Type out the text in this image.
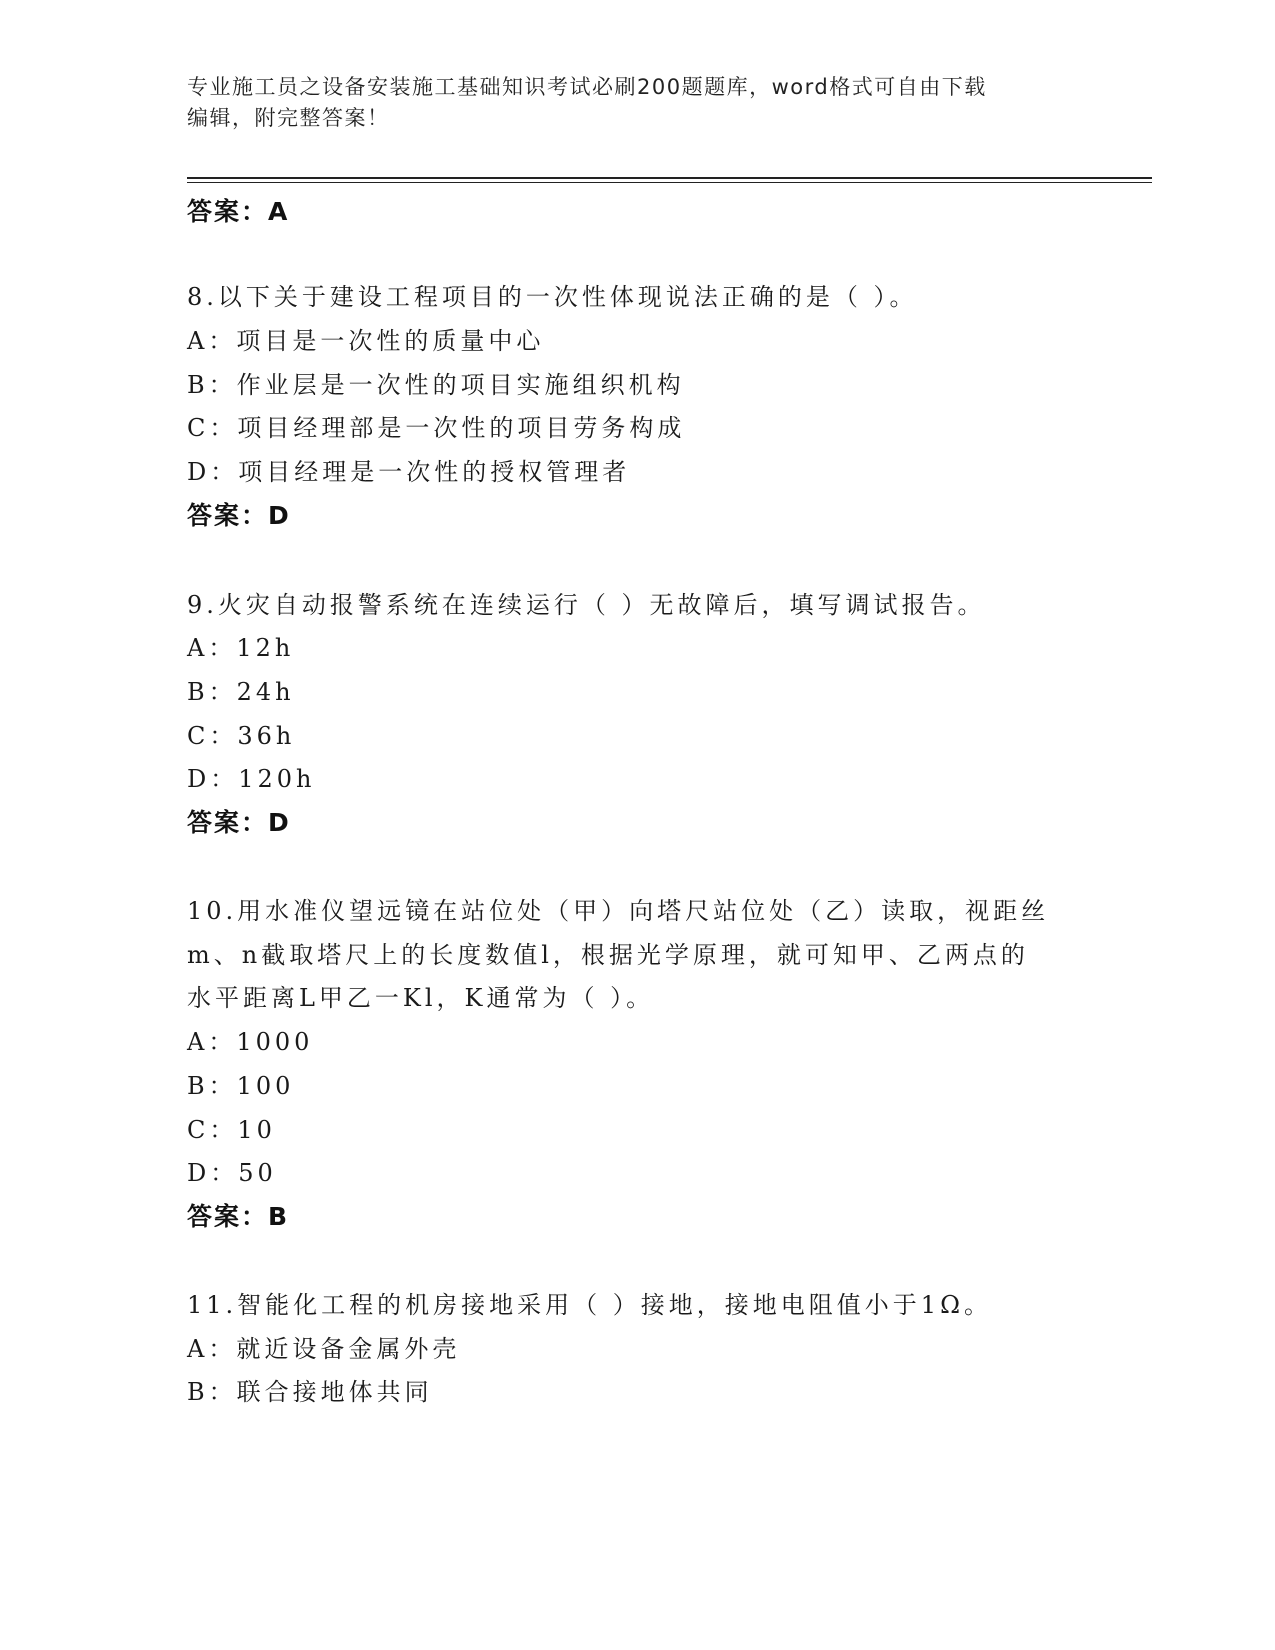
专业施工员之设备安装施工基础知识考试必刷200题题库，word格式可自由下载
编辑，附完整答案！
答案：A
8.以下关于建设工程项目的一次性体现说法正确的是（ ）。
A：项目是一次性的质量中心
B：作业层是一次性的项目实施组织机构
C：项目经理部是一次性的项目劳务构成
D：项目经理是一次性的授权管理者
答案：D
9.火灾自动报警系统在连续运行（ ）无故障后，填写调试报告。
A：12h
B：24h
C：36h
D：120h
答案：D
10.用水准仪望远镜在站位处（甲）向塔尺站位处（乙）读取，视距丝
m、n截取塔尺上的长度数值l，根据光学原理，就可知甲、乙两点的
水平距离L甲乙一Kl，K通常为（ ）。
A：1000
B：100
C：10
D：50
答案：B
11.智能化工程的机房接地采用（ ）接地，接地电阻值小于1Ω。
A：就近设备金属外壳
B：联合接地体共同
